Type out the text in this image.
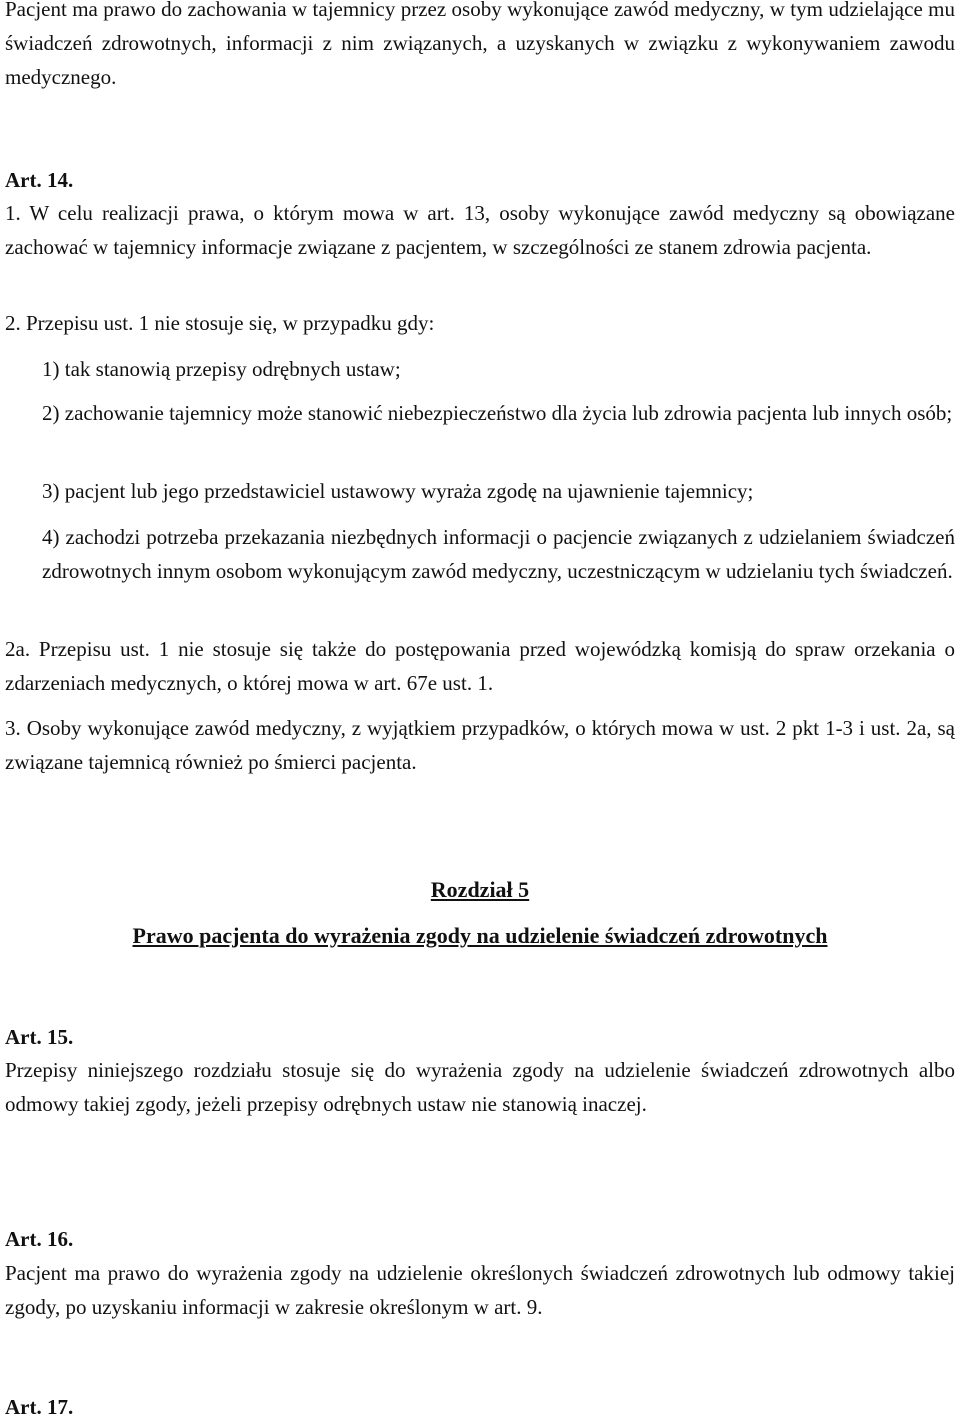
Pacjent ma prawo do zachowania w tajemnicy przez osoby wykonujące zawód medyczny, w tym udzielające mu świadczeń zdrowotnych, informacji z nim związanych, a uzyskanych w związku z wykonywaniem zawodu medycznego.

Art. 14.

1. W celu realizacji prawa, o którym mowa w art. 13, osoby wykonujące zawód medyczny są obowiązane zachować w tajemnicy informacje związane z pacjentem, w szczególności ze stanem zdrowia pacjenta.

2. Przepisu ust. 1 nie stosuje się, w przypadku gdy:

1) tak stanowią przepisy odrębnych ustaw;

2) zachowanie tajemnicy może stanowić niebezpieczeństwo dla życia lub zdrowia pacjenta lub innych osób;

3) pacjent lub jego przedstawiciel ustawowy wyraża zgodę na ujawnienie tajemnicy;

4) zachodzi potrzeba przekazania niezbędnych informacji o pacjencie związanych z udzielaniem świadczeń zdrowotnych innym osobom wykonującym zawód medyczny, uczestniczącym w udzielaniu tych świadczeń.

2a. Przepisu ust. 1 nie stosuje się także do postępowania przed wojewódzką komisją do spraw orzekania o zdarzeniach medycznych, o której mowa w art. 67e ust. 1.

3. Osoby wykonujące zawód medyczny, z wyjątkiem przypadków, o których mowa w ust. 2 pkt 1-3 i ust. 2a, są związane tajemnicą również po śmierci pacjenta.

Rozdział 5

Prawo pacjenta do wyrażenia zgody na udzielenie świadczeń zdrowotnych

Art. 15.

Przepisy niniejszego rozdziału stosuje się do wyrażenia zgody na udzielenie świadczeń zdrowotnych albo odmowy takiej zgody, jeżeli przepisy odrębnych ustaw nie stanowią inaczej.

Art. 16.

Pacjent ma prawo do wyrażenia zgody na udzielenie określonych świadczeń zdrowotnych lub odmowy takiej zgody, po uzyskaniu informacji w zakresie określonym w art. 9.

Art. 17.
